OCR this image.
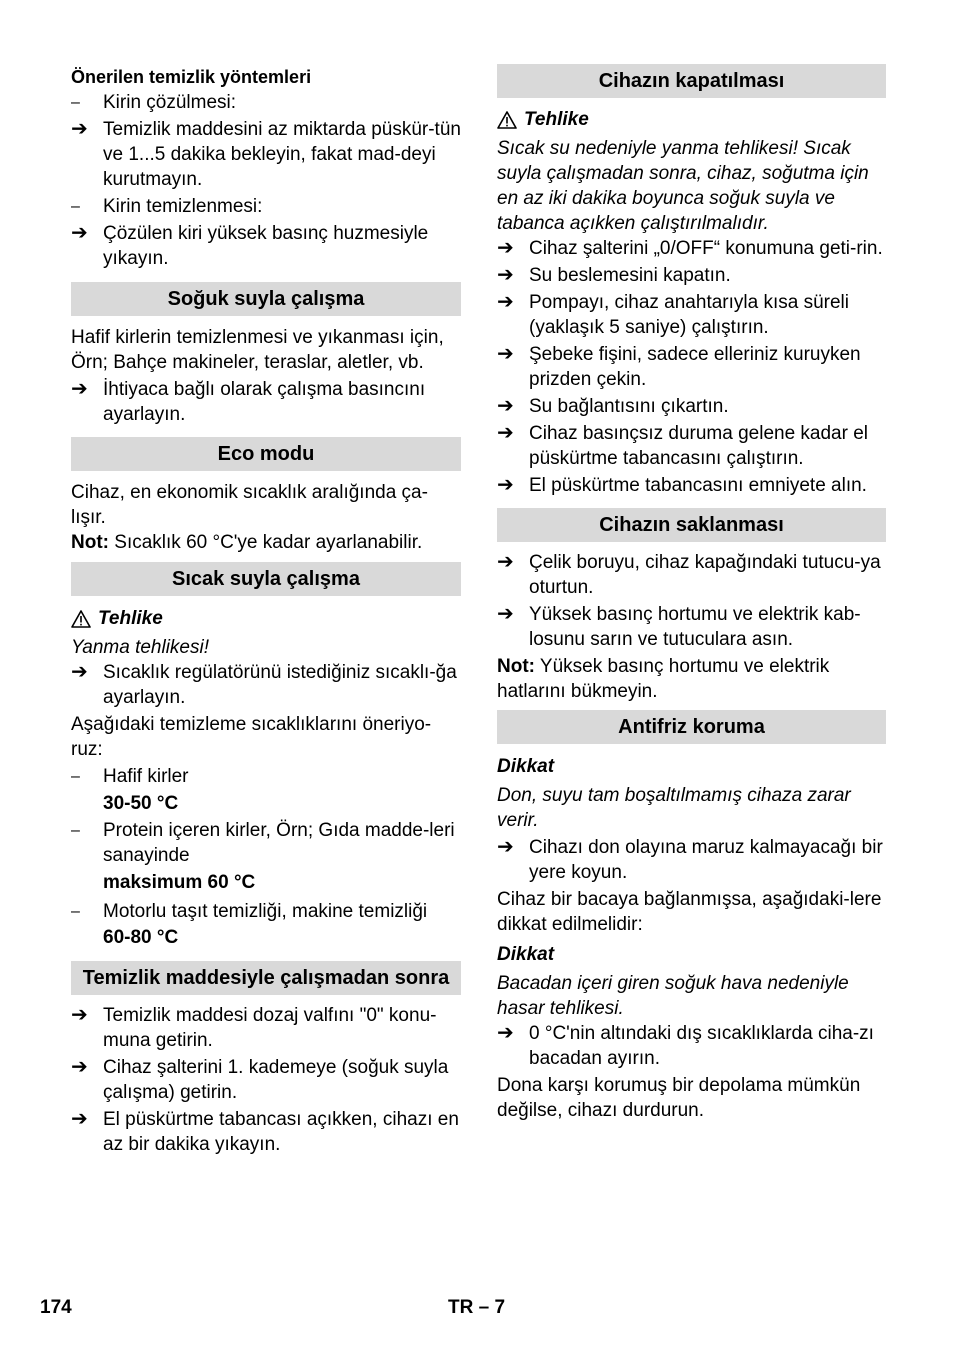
Önerilen temizlik yöntemleri
–	Kirin çözülmesi:
➔ Temizlik maddesini az miktarda püskür-tün ve 1...5 dakika bekleyin, fakat mad-deyi kurutmayın.
–	Kirin temizlenmesi:
➔ Çözülen kiri yüksek basınç huzmesiyle yıkayın.
Soğuk suyla çalışma

Hafif kirlerin temizlenmesi ve yıkanması için, Örn; Bahçe makineler, teraslar, aletler, vb.

➔ İhtiyaca bağlı olarak çalışma basıncını ayarlayın.
Eco modu

Cihaz, en ekonomik sıcaklık aralığında ça-lışır.

Not: Sıcaklık 60 °C'ye kadar ayarlanabilir.

Sıcak suyla çalışma
Tehlike

Yanma tehlikesi!

➔ Sıcaklık regülatörünü istediğiniz sıcaklı-ğa ayarlayın.

Aşağıdaki temizleme sıcaklıklarını öneriyo-ruz:

–	Hafif kirler
30-50 °C
–	Protein içeren kirler, Örn; Gıda madde-leri sanayinde
maksimum 60 °C
–	Motorlu taşıt temizliği, makine temizliği
60-80 °C
Temizlik maddesiyle çalışmadan sonra
➔ Temizlik maddesi dozaj valfını "0" konu-muna getirin.
➔ Cihaz şalterini 1. kademeye (soğuk suyla çalışma) getirin.
➔ El püskürtme tabancası açıkken, cihazı en az bir dakika yıkayın.
Cihazın kapatılması
Tehlike

Sıcak su nedeniyle yanma tehlikesi! Sıcak suyla çalışmadan sonra, cihaz, soğutma için en az iki dakika boyunca soğuk suyla ve tabanca açıkken çalıştırılmalıdır.

➔ Cihaz şalterini „0/OFF“ konumuna geti-rin.
➔ Su beslemesini kapatın.
➔ Pompayı, cihaz anahtarıyla kısa süreli (yaklaşık 5 saniye) çalıştırın.
➔ Şebeke fişini, sadece elleriniz kuruyken prizden çekin.
➔ Su bağlantısını çıkartın.
➔ Cihaz basınçsız duruma gelene kadar el püskürtme tabancasını çalıştırın.
➔ El püskürtme tabancasını emniyete alın.
Cihazın saklanması
➔ Çelik boruyu, cihaz kapağındaki tutucu-ya oturtun.
➔ Yüksek basınç hortumu ve elektrik kab-losunu sarın ve tutuculara asın.

Not: Yüksek basınç hortumu ve elektrik hatlarını bükmeyin.

Antifriz koruma
Dikkat

Don, suyu tam boşaltılmamış cihaza zarar verir.

➔ Cihazı don olayına maruz kalmayacağı bir yere koyun.

Cihaz bir bacaya bağlanmışsa, aşağıdaki-lere dikkat edilmelidir:

Dikkat

Bacadan içeri giren soğuk hava nedeniyle hasar tehlikesi.

➔ 0 °C'nin altındaki dış sıcaklıklarda ciha-zı bacadan ayırın.

Dona karşı korumuş bir depolama mümkün değilse, cihazı durdurun.

174	TR – 7
